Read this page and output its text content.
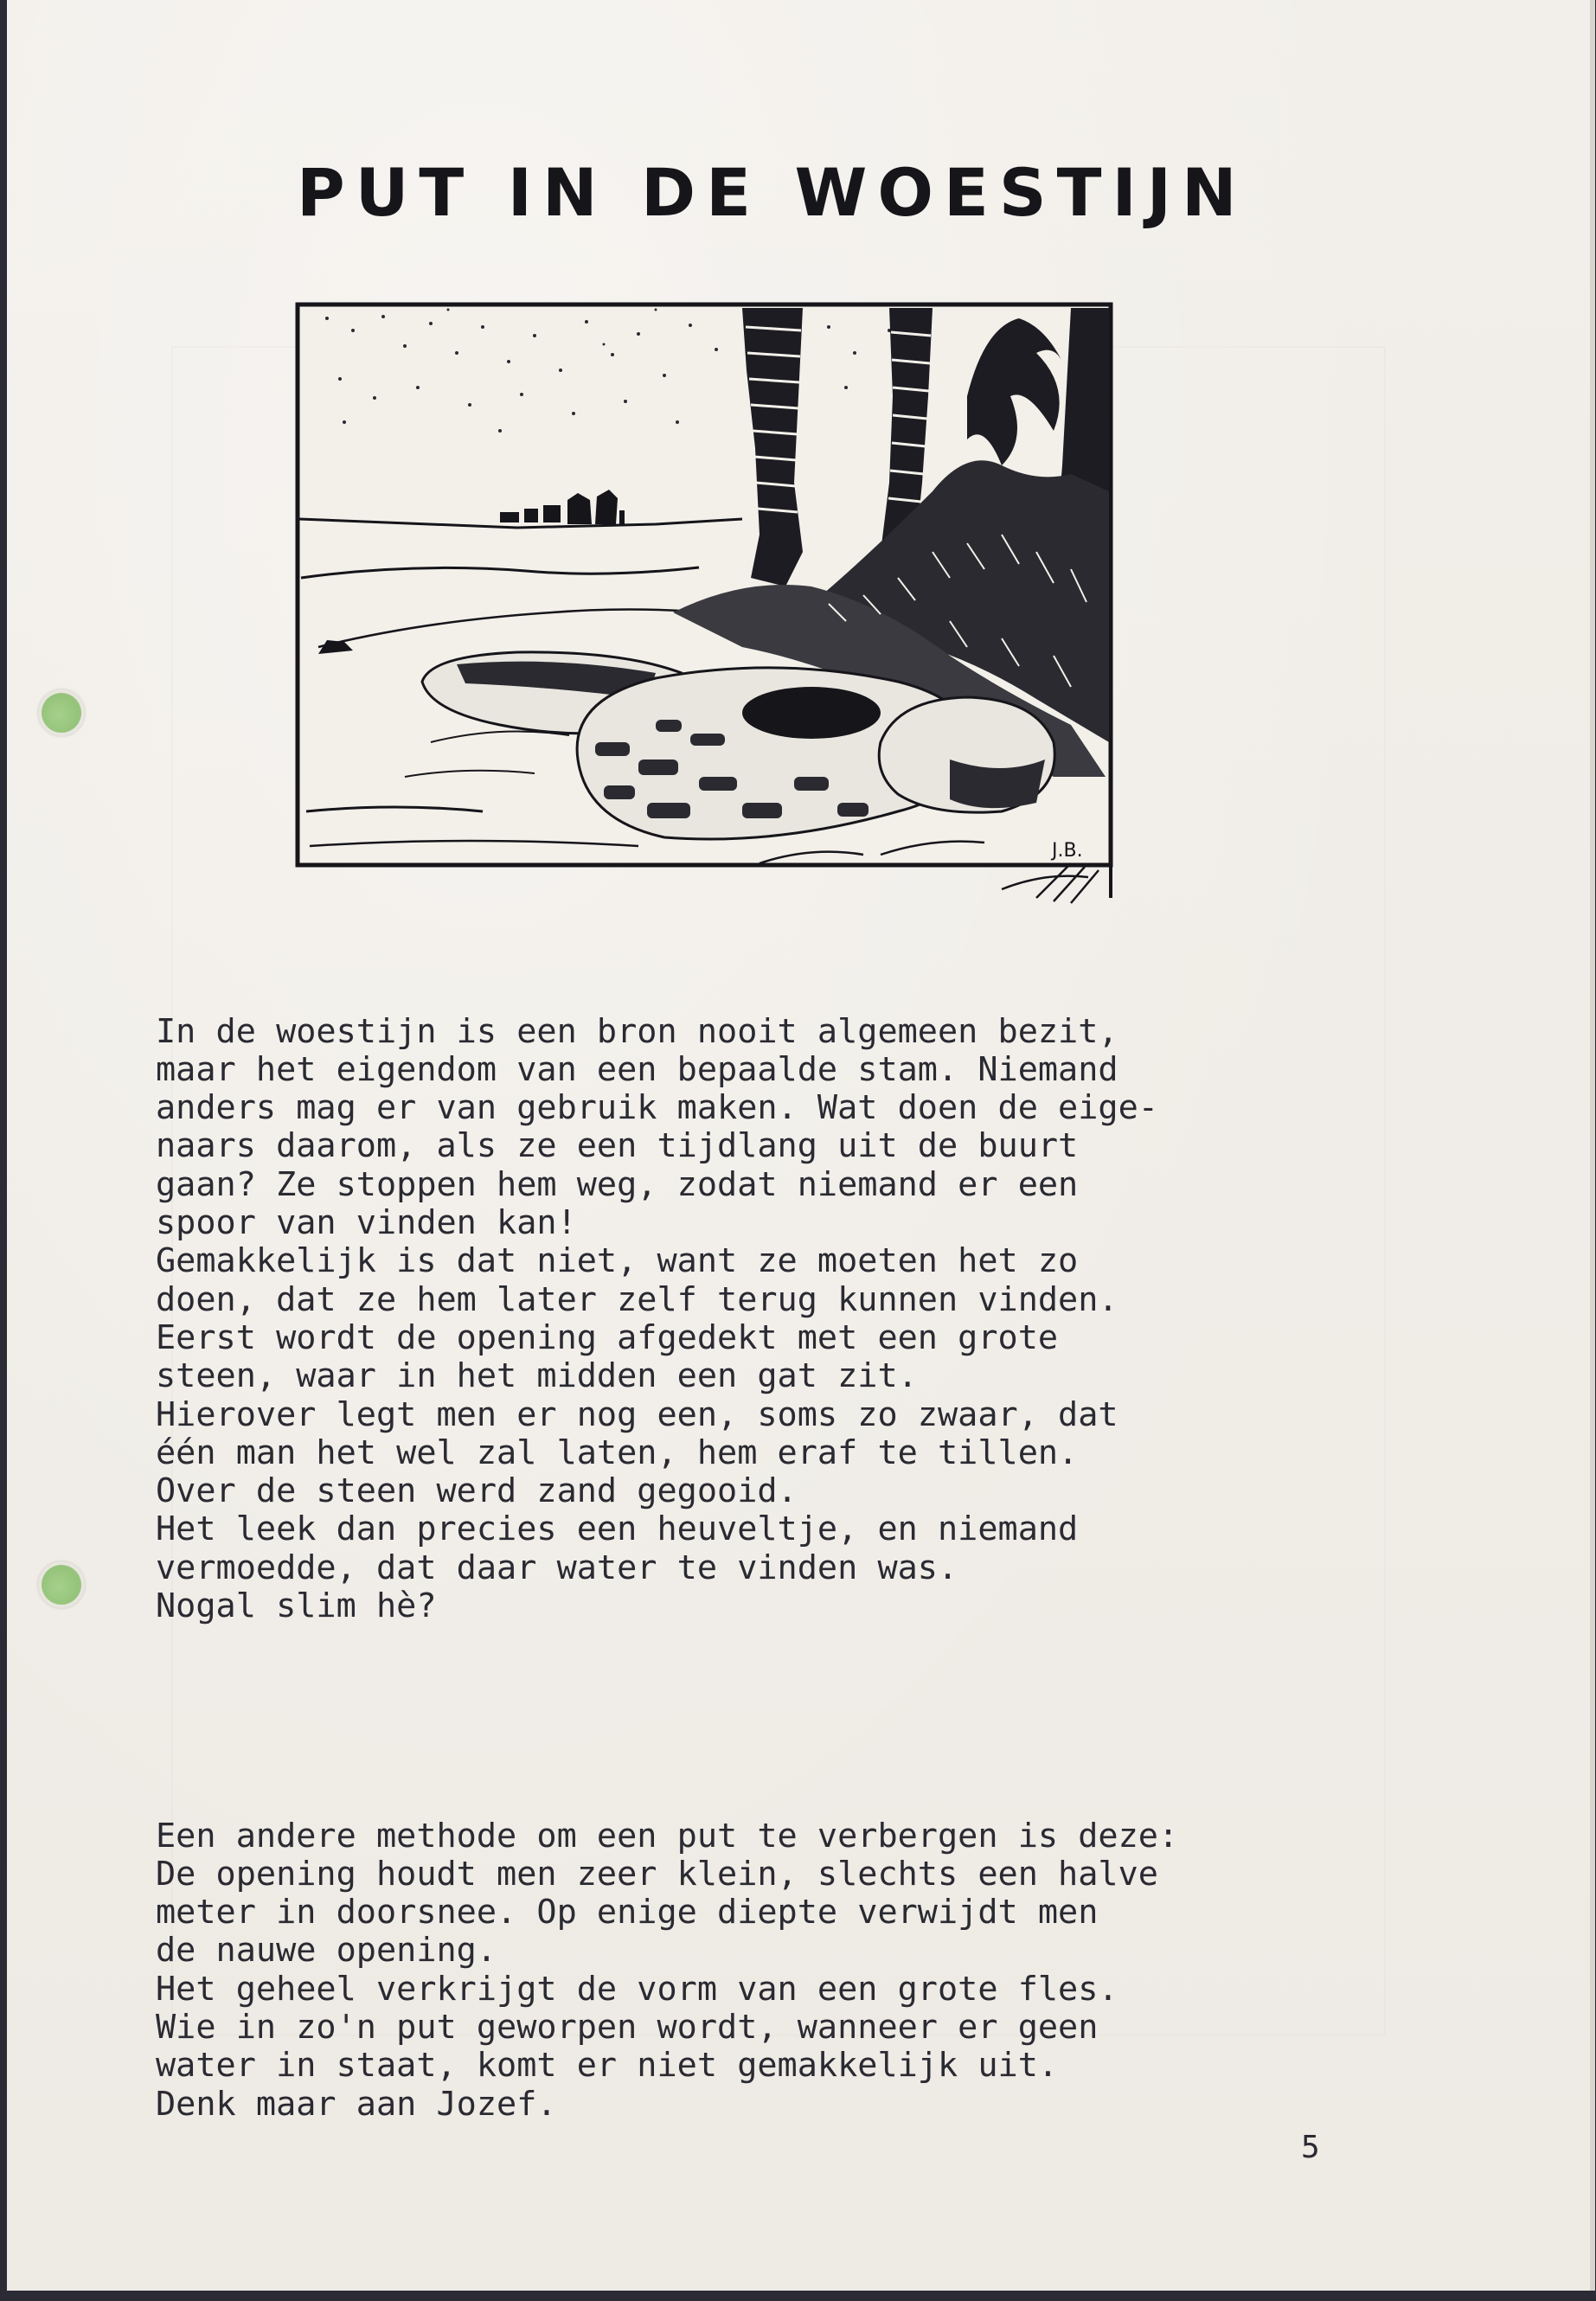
PUT IN DE WOESTIJN
J.B.

In de woestijn is een bron nooit algemeen bezit,
maar het eigendom van een bepaalde stam. Niemand
anders mag er van gebruik maken. Wat doen de eige-
naars daarom, als ze een tijdlang uit de buurt
gaan? Ze stoppen hem weg, zodat niemand er een
spoor van vinden kan!
Gemakkelijk is dat niet, want ze moeten het zo
doen, dat ze hem later zelf terug kunnen vinden.
Eerst wordt de opening afgedekt met een grote
steen, waar in het midden een gat zit.
Hierover legt men er nog een, soms zo zwaar, dat
één man het wel zal laten, hem eraf te tillen.
Over de steen werd zand gegooid.
Het leek dan precies een heuveltje, en niemand
vermoedde, dat daar water te vinden was.
Nogal slim hè?

Een andere methode om een put te verbergen is deze:
De opening houdt men zeer klein, slechts een halve
meter in doorsnee. Op enige diepte verwijdt men
de nauwe opening.
Het geheel verkrijgt de vorm van een grote fles.
Wie in zo'n put geworpen wordt, wanneer er geen
water in staat, komt er niet gemakkelijk uit.
Denk maar aan Jozef.

5
